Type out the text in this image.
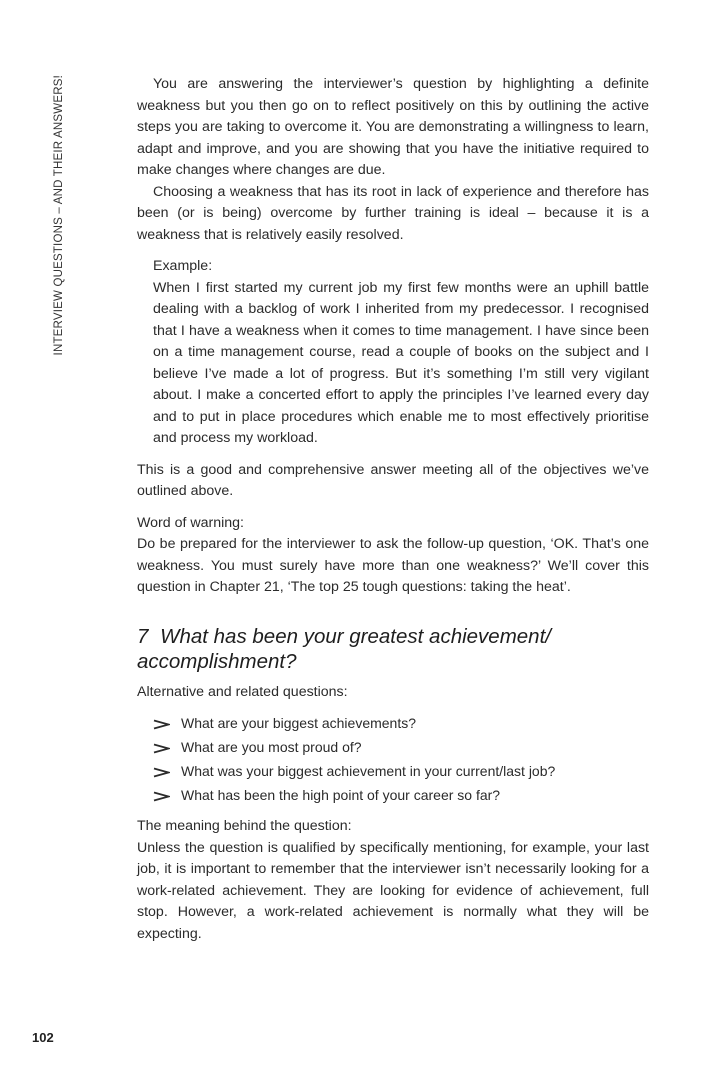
INTERVIEW QUESTIONS – AND THEIR ANSWERS!
102

You are answering the interviewer’s question by highlighting a definite weakness but you then go on to reflect positively on this by outlining the active steps you are taking to overcome it. You are demonstrating a willingness to learn, adapt and improve, and you are showing that you have the initiative required to make changes where changes are due.

Choosing a weakness that has its root in lack of experience and therefore has been (or is being) overcome by further training is ideal – because it is a weakness that is relatively easily resolved.

Example:

When I first started my current job my first few months were an uphill battle dealing with a backlog of work I inherited from my predecessor. I recognised that I have a weakness when it comes to time management. I have since been on a time management course, read a couple of books on the subject and I believe I’ve made a lot of progress. But it’s something I’m still very vigilant about. I make a concerted effort to apply the principles I’ve learned every day and to put in place procedures which enable me to most effectively prioritise and process my workload.

This is a good and comprehensive answer meeting all of the objectives we’ve outlined above.

Word of warning:

Do be prepared for the interviewer to ask the follow-up question, ‘OK. That’s one weakness. You must surely have more than one weakness?’ We’ll cover this question in Chapter 21, ‘The top 25 tough questions: taking the heat’.

7 What has been your greatest achievement/ accomplishment?

Alternative and related questions:

What are your biggest achievements?
What are you most proud of?
What was your biggest achievement in your current/last job?
What has been the high point of your career so far?

The meaning behind the question:

Unless the question is qualified by specifically mentioning, for example, your last job, it is important to remember that the interviewer isn’t necessarily looking for a work-related achievement. They are looking for evidence of achievement, full stop. However, a work-related achievement is normally what they will be expecting.
